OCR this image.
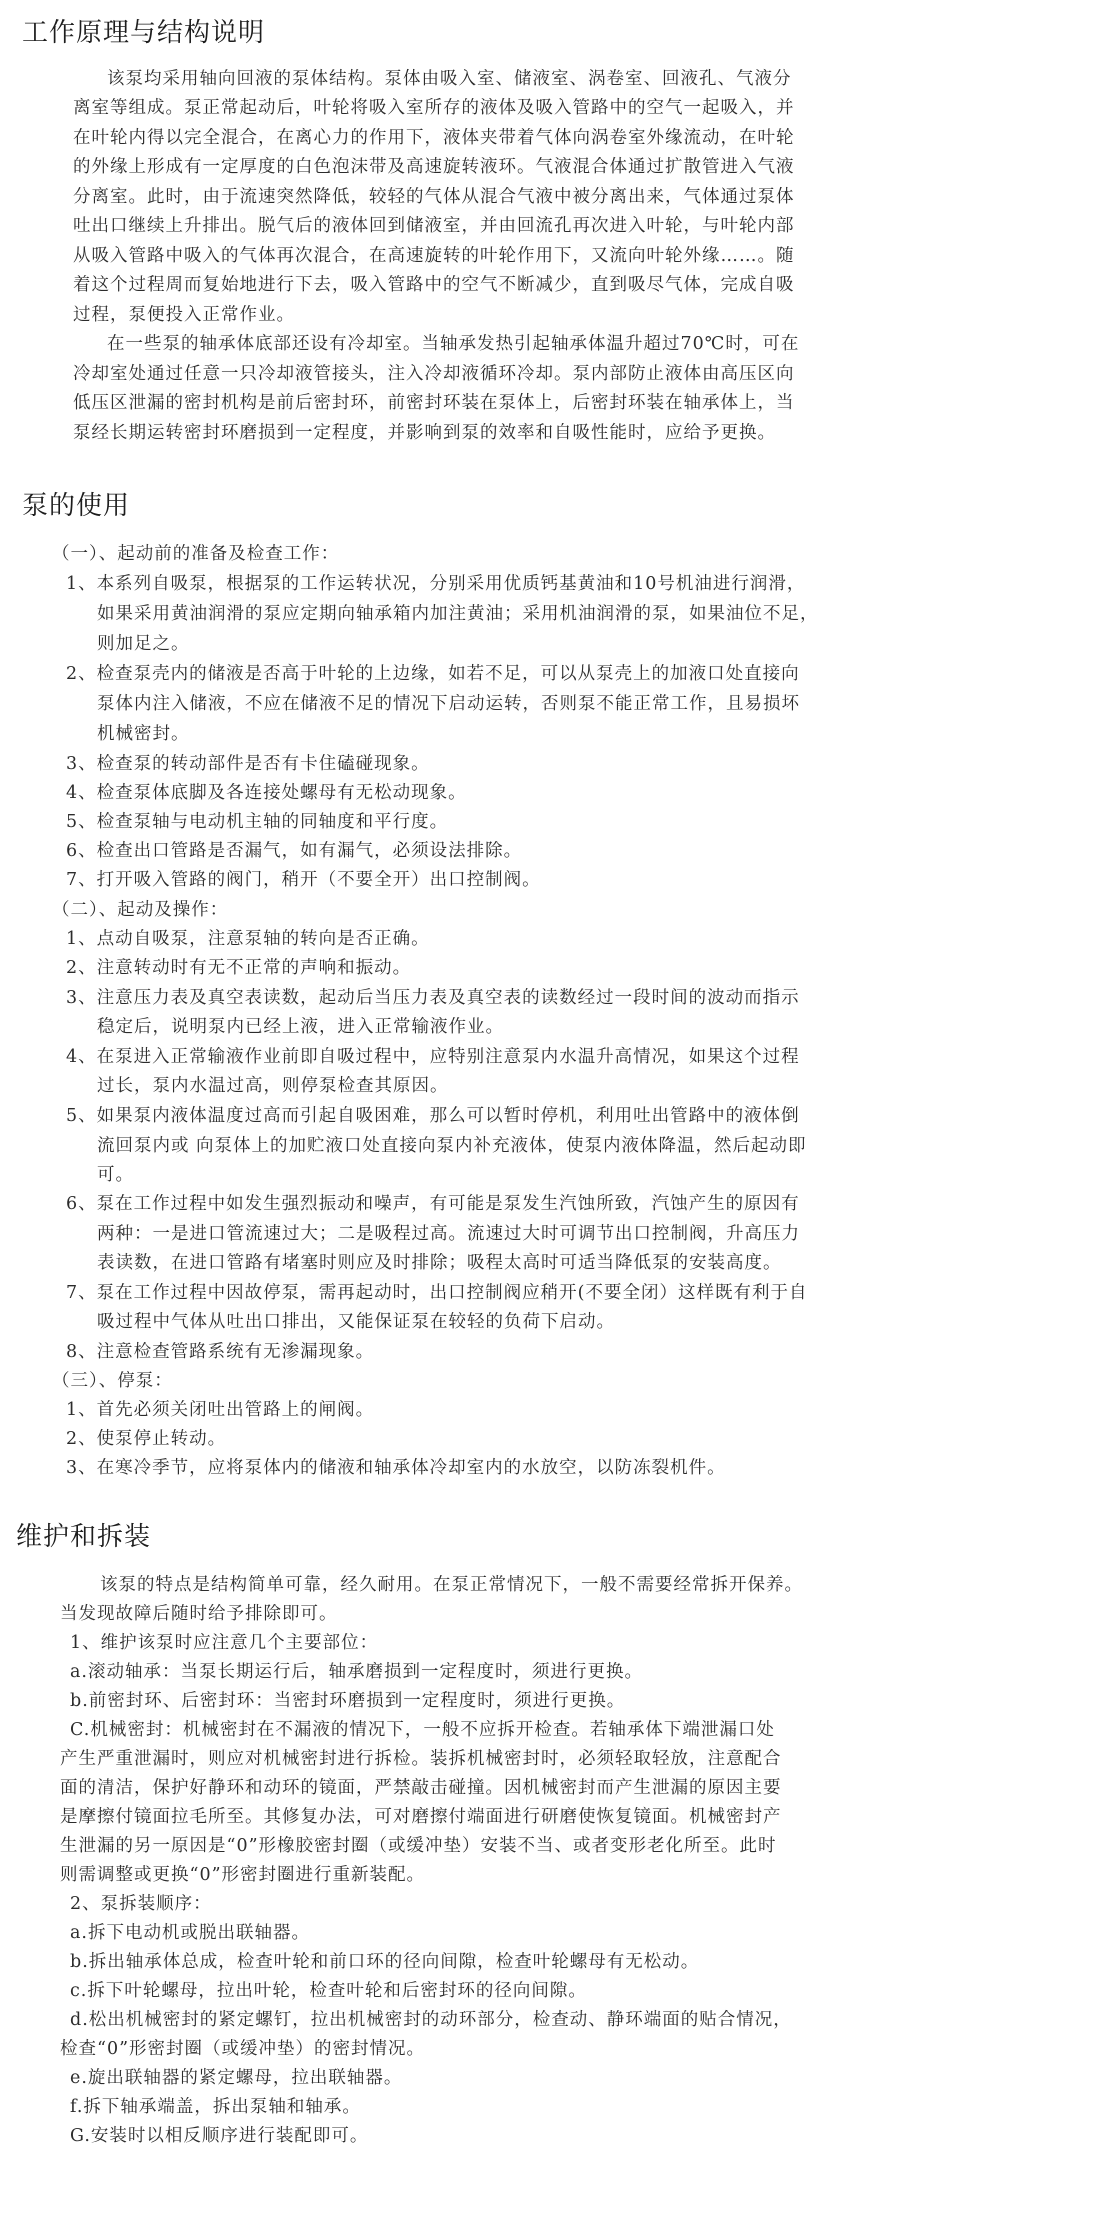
工作原理与结构说明
该泵均采用轴向回液的泵体结构。泵体由吸入室、储液室、涡卷室、回液孔、气液分
离室等组成。泵正常起动后，叶轮将吸入室所存的液体及吸入管路中的空气一起吸入，并
在叶轮内得以完全混合，在离心力的作用下，液体夹带着气体向涡卷室外缘流动，在叶轮
的外缘上形成有一定厚度的白色泡沫带及高速旋转液环。气液混合体通过扩散管进入气液
分离室。此时，由于流速突然降低，较轻的气体从混合气液中被分离出来，气体通过泵体
吐出口继续上升排出。脱气后的液体回到储液室，并由回流孔再次进入叶轮，与叶轮内部
从吸入管路中吸入的气体再次混合，在高速旋转的叶轮作用下，又流向叶轮外缘……。随
着这个过程周而复始地进行下去，吸入管路中的空气不断减少，直到吸尽气体，完成自吸
过程，泵便投入正常作业。
在一些泵的轴承体底部还设有冷却室。当轴承发热引起轴承体温升超过70℃时，可在
冷却室处通过任意一只冷却液管接头，注入冷却液循环冷却。泵内部防止液体由高压区向
低压区泄漏的密封机构是前后密封环，前密封环装在泵体上，后密封环装在轴承体上，当
泵经长期运转密封环磨损到一定程度，并影响到泵的效率和自吸性能时，应给予更换。
泵的使用
（一）、起动前的准备及检查工作：
1、本系列自吸泵，根据泵的工作运转状况，分别采用优质钙基黄油和10号机油进行润滑，
如果采用黄油润滑的泵应定期向轴承箱内加注黄油；采用机油润滑的泵，如果油位不足，
则加足之。
2、检查泵壳内的储液是否高于叶轮的上边缘，如若不足，可以从泵壳上的加液口处直接向
泵体内注入储液，不应在储液不足的情况下启动运转，否则泵不能正常工作，且易损坏
机械密封。
3、检查泵的转动部件是否有卡住磕碰现象。
4、检查泵体底脚及各连接处螺母有无松动现象。
5、检查泵轴与电动机主轴的同轴度和平行度。
6、检查出口管路是否漏气，如有漏气，必须设法排除。
7、打开吸入管路的阀门，稍开（不要全开）出口控制阀。
（二）、起动及操作：
1、点动自吸泵，注意泵轴的转向是否正确。
2、注意转动时有无不正常的声响和振动。
3、注意压力表及真空表读数，起动后当压力表及真空表的读数经过一段时间的波动而指示
稳定后，说明泵内已经上液，进入正常输液作业。
4、在泵进入正常输液作业前即自吸过程中，应特别注意泵内水温升高情况，如果这个过程
过长，泵内水温过高，则停泵检查其原因。
5、如果泵内液体温度过高而引起自吸困难，那么可以暂时停机，利用吐出管路中的液体倒
流回泵内或 向泵体上的加贮液口处直接向泵内补充液体，使泵内液体降温，然后起动即
可。
6、泵在工作过程中如发生强烈振动和噪声，有可能是泵发生汽蚀所致，汽蚀产生的原因有
两种：一是进口管流速过大；二是吸程过高。流速过大时可调节出口控制阀，升高压力
表读数，在进口管路有堵塞时则应及时排除；吸程太高时可适当降低泵的安装高度。
7、泵在工作过程中因故停泵，需再起动时，出口控制阀应稍开(不要全闭）这样既有利于自
吸过程中气体从吐出口排出，又能保证泵在较轻的负荷下启动。
8、注意检查管路系统有无渗漏现象。
（三）、停泵：
1、首先必须关闭吐出管路上的闸阀。
2、使泵停止转动。
3、在寒冷季节，应将泵体内的储液和轴承体冷却室内的水放空，以防冻裂机件。
维护和拆装
该泵的特点是结构简单可靠，经久耐用。在泵正常情况下，一般不需要经常拆开保养。
当发现故障后随时给予排除即可。
1、维护该泵时应注意几个主要部位：
a.滚动轴承：当泵长期运行后，轴承磨损到一定程度时，须进行更换。
b.前密封环、后密封环：当密封环磨损到一定程度时，须进行更换。
C.机械密封：机械密封在不漏液的情况下，一般不应拆开检查。若轴承体下端泄漏口处
产生严重泄漏时，则应对机械密封进行拆检。装拆机械密封时，必须轻取轻放，注意配合
面的清洁，保护好静环和动环的镜面，严禁敲击碰撞。因机械密封而产生泄漏的原因主要
是摩擦付镜面拉毛所至。其修复办法，可对磨擦付端面进行研磨使恢复镜面。机械密封产
生泄漏的另一原因是“0”形橡胶密封圈（或缓冲垫）安装不当、或者变形老化所至。此时
则需调整或更换“0”形密封圈进行重新装配。
2、泵拆装顺序：
a.拆下电动机或脱出联轴器。
b.拆出轴承体总成，检查叶轮和前口环的径向间隙，检查叶轮螺母有无松动。
c.拆下叶轮螺母，拉出叶轮，检查叶轮和后密封环的径向间隙。
d.松出机械密封的紧定螺钉，拉出机械密封的动环部分，检查动、静环端面的贴合情况，
检查“0”形密封圈（或缓冲垫）的密封情况。
e.旋出联轴器的紧定螺母，拉出联轴器。
f.拆下轴承端盖，拆出泵轴和轴承。
G.安装时以相反顺序进行装配即可。
